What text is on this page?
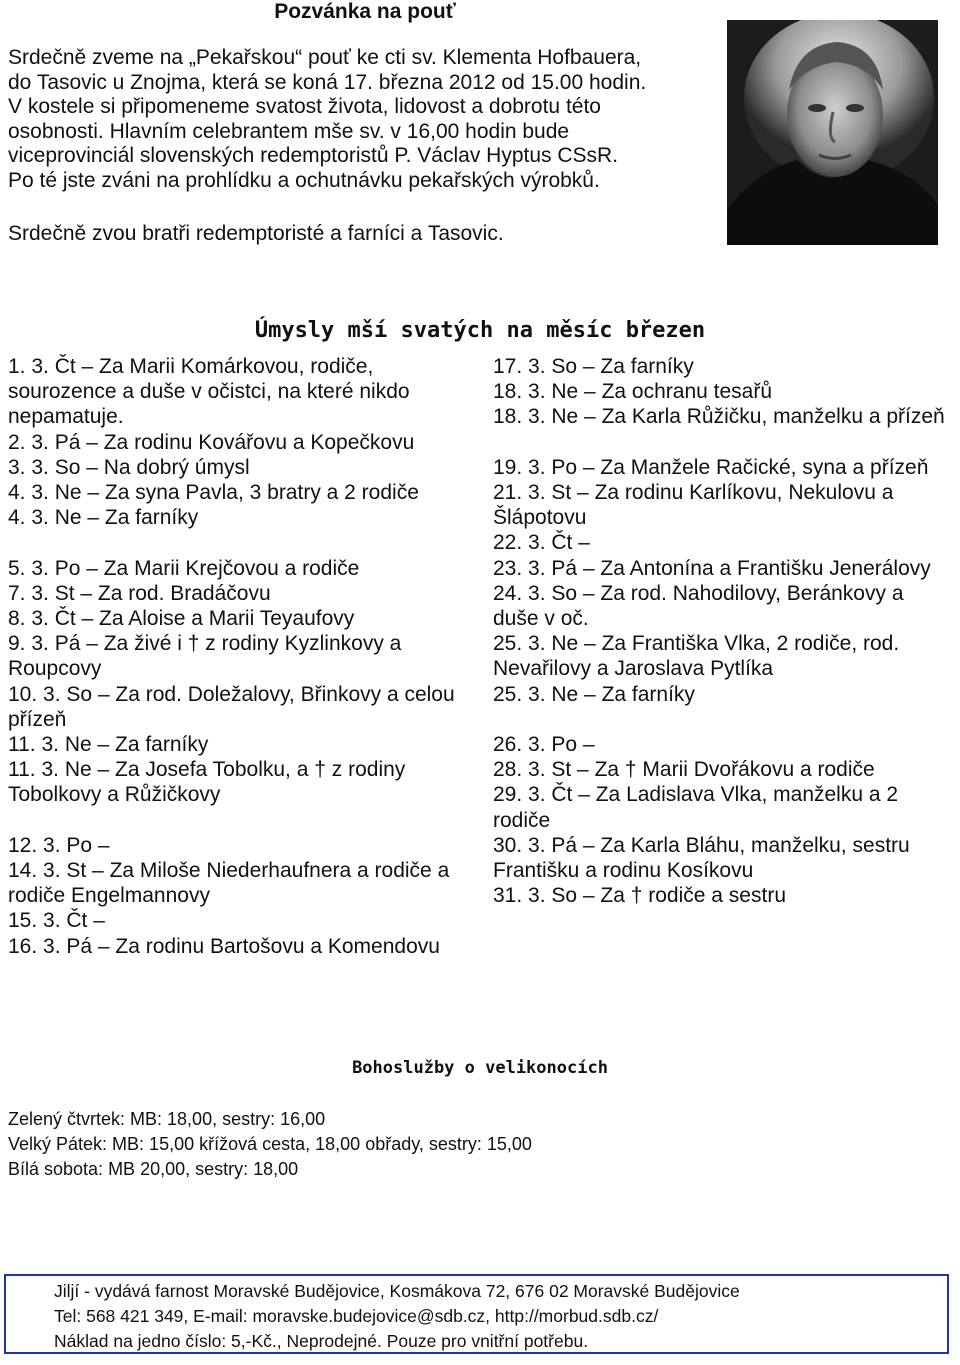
Pozvánka na pouť

Srdečně zveme na „Pekařskou“ pouť ke cti sv. Klementa Hofbauera,

do Tasovic u Znojma, která se koná 17. března 2012 od 15.00 hodin.

V kostele si připomeneme svatost života, lidovost a dobrotu této

osobnosti. Hlavním celebrantem mše sv. v 16,00 hodin bude

viceprovinciál slovenských redemptoristů P. Václav Hyptus CSsR.

Po té jste zváni na prohlídku a ochutnávku pekařských výrobků.

Srdečně zvou bratři redemptoristé a farníci a Tasovic.

Úmysly mší svatých na měsíc březen

1. 3. Čt – Za Marii Komárkovou, rodiče, sourozence a duše v očistci, na které nikdo nepamatuje.

2. 3. Pá – Za rodinu Kovářovu a Kopečkovu

3. 3. So – Na dobrý úmysl

4. 3. Ne – Za syna Pavla, 3 bratry a 2 rodiče

4. 3. Ne – Za farníky

5. 3. Po – Za Marii Krejčovou a rodiče

7. 3. St – Za rod. Bradáčovu

8. 3. Čt – Za Aloise a Marii Teyaufovy

9. 3. Pá – Za živé i † z rodiny Kyzlinkovy a Roupcovy

10. 3. So – Za rod. Doležalovy, Břinkovy a celou přízeň

11. 3. Ne – Za farníky

11. 3. Ne – Za Josefa Tobolku, a † z rodiny Tobolkovy a Růžičkovy

12. 3. Po –

14. 3. St – Za Miloše Niederhaufnera a rodiče a rodiče Engelmannovy

15. 3. Čt –

16. 3. Pá – Za rodinu Bartošovu a Komendovu

17. 3. So – Za farníky

18. 3. Ne – Za ochranu tesařů

18. 3. Ne – Za Karla Růžičku, manželku a přízeň

19. 3. Po – Za Manžele Račické, syna a přízeň

21. 3. St – Za rodinu Karlíkovu, Nekulovu a Šlápotovu

22. 3. Čt –

23. 3. Pá – Za Antonína a Františku Jenerálovy

24. 3. So – Za rod. Nahodilovy, Beránkovy a duše v oč.

25. 3. Ne – Za Františka Vlka, 2 rodiče, rod. Nevařilovy a Jaroslava Pytlíka

25. 3. Ne – Za farníky

26. 3. Po –

28. 3. St – Za † Marii Dvořákovu a rodiče

29. 3. Čt – Za Ladislava Vlka, manželku a 2 rodiče

30. 3. Pá – Za Karla Bláhu, manželku, sestru Františku a rodinu Kosíkovu

31. 3. So – Za † rodiče a sestru

Bohoslužby o velikonocích

Zelený čtvrtek: MB: 18,00, sestry: 16,00

Velký Pátek: MB: 15,00 křížová cesta, 18,00 obřady, sestry: 15,00

Bílá sobota: MB 20,00, sestry: 18,00

Jiljí - vydává farnost Moravské Budějovice, Kosmákova 72, 676 02 Moravské Budějovice

Tel: 568 421 349, E-mail: moravske.budejovice@sdb.cz, http://morbud.sdb.cz/

Náklad na jedno číslo: 5,-Kč., Neprodejné. Pouze pro vnitřní potřebu.
